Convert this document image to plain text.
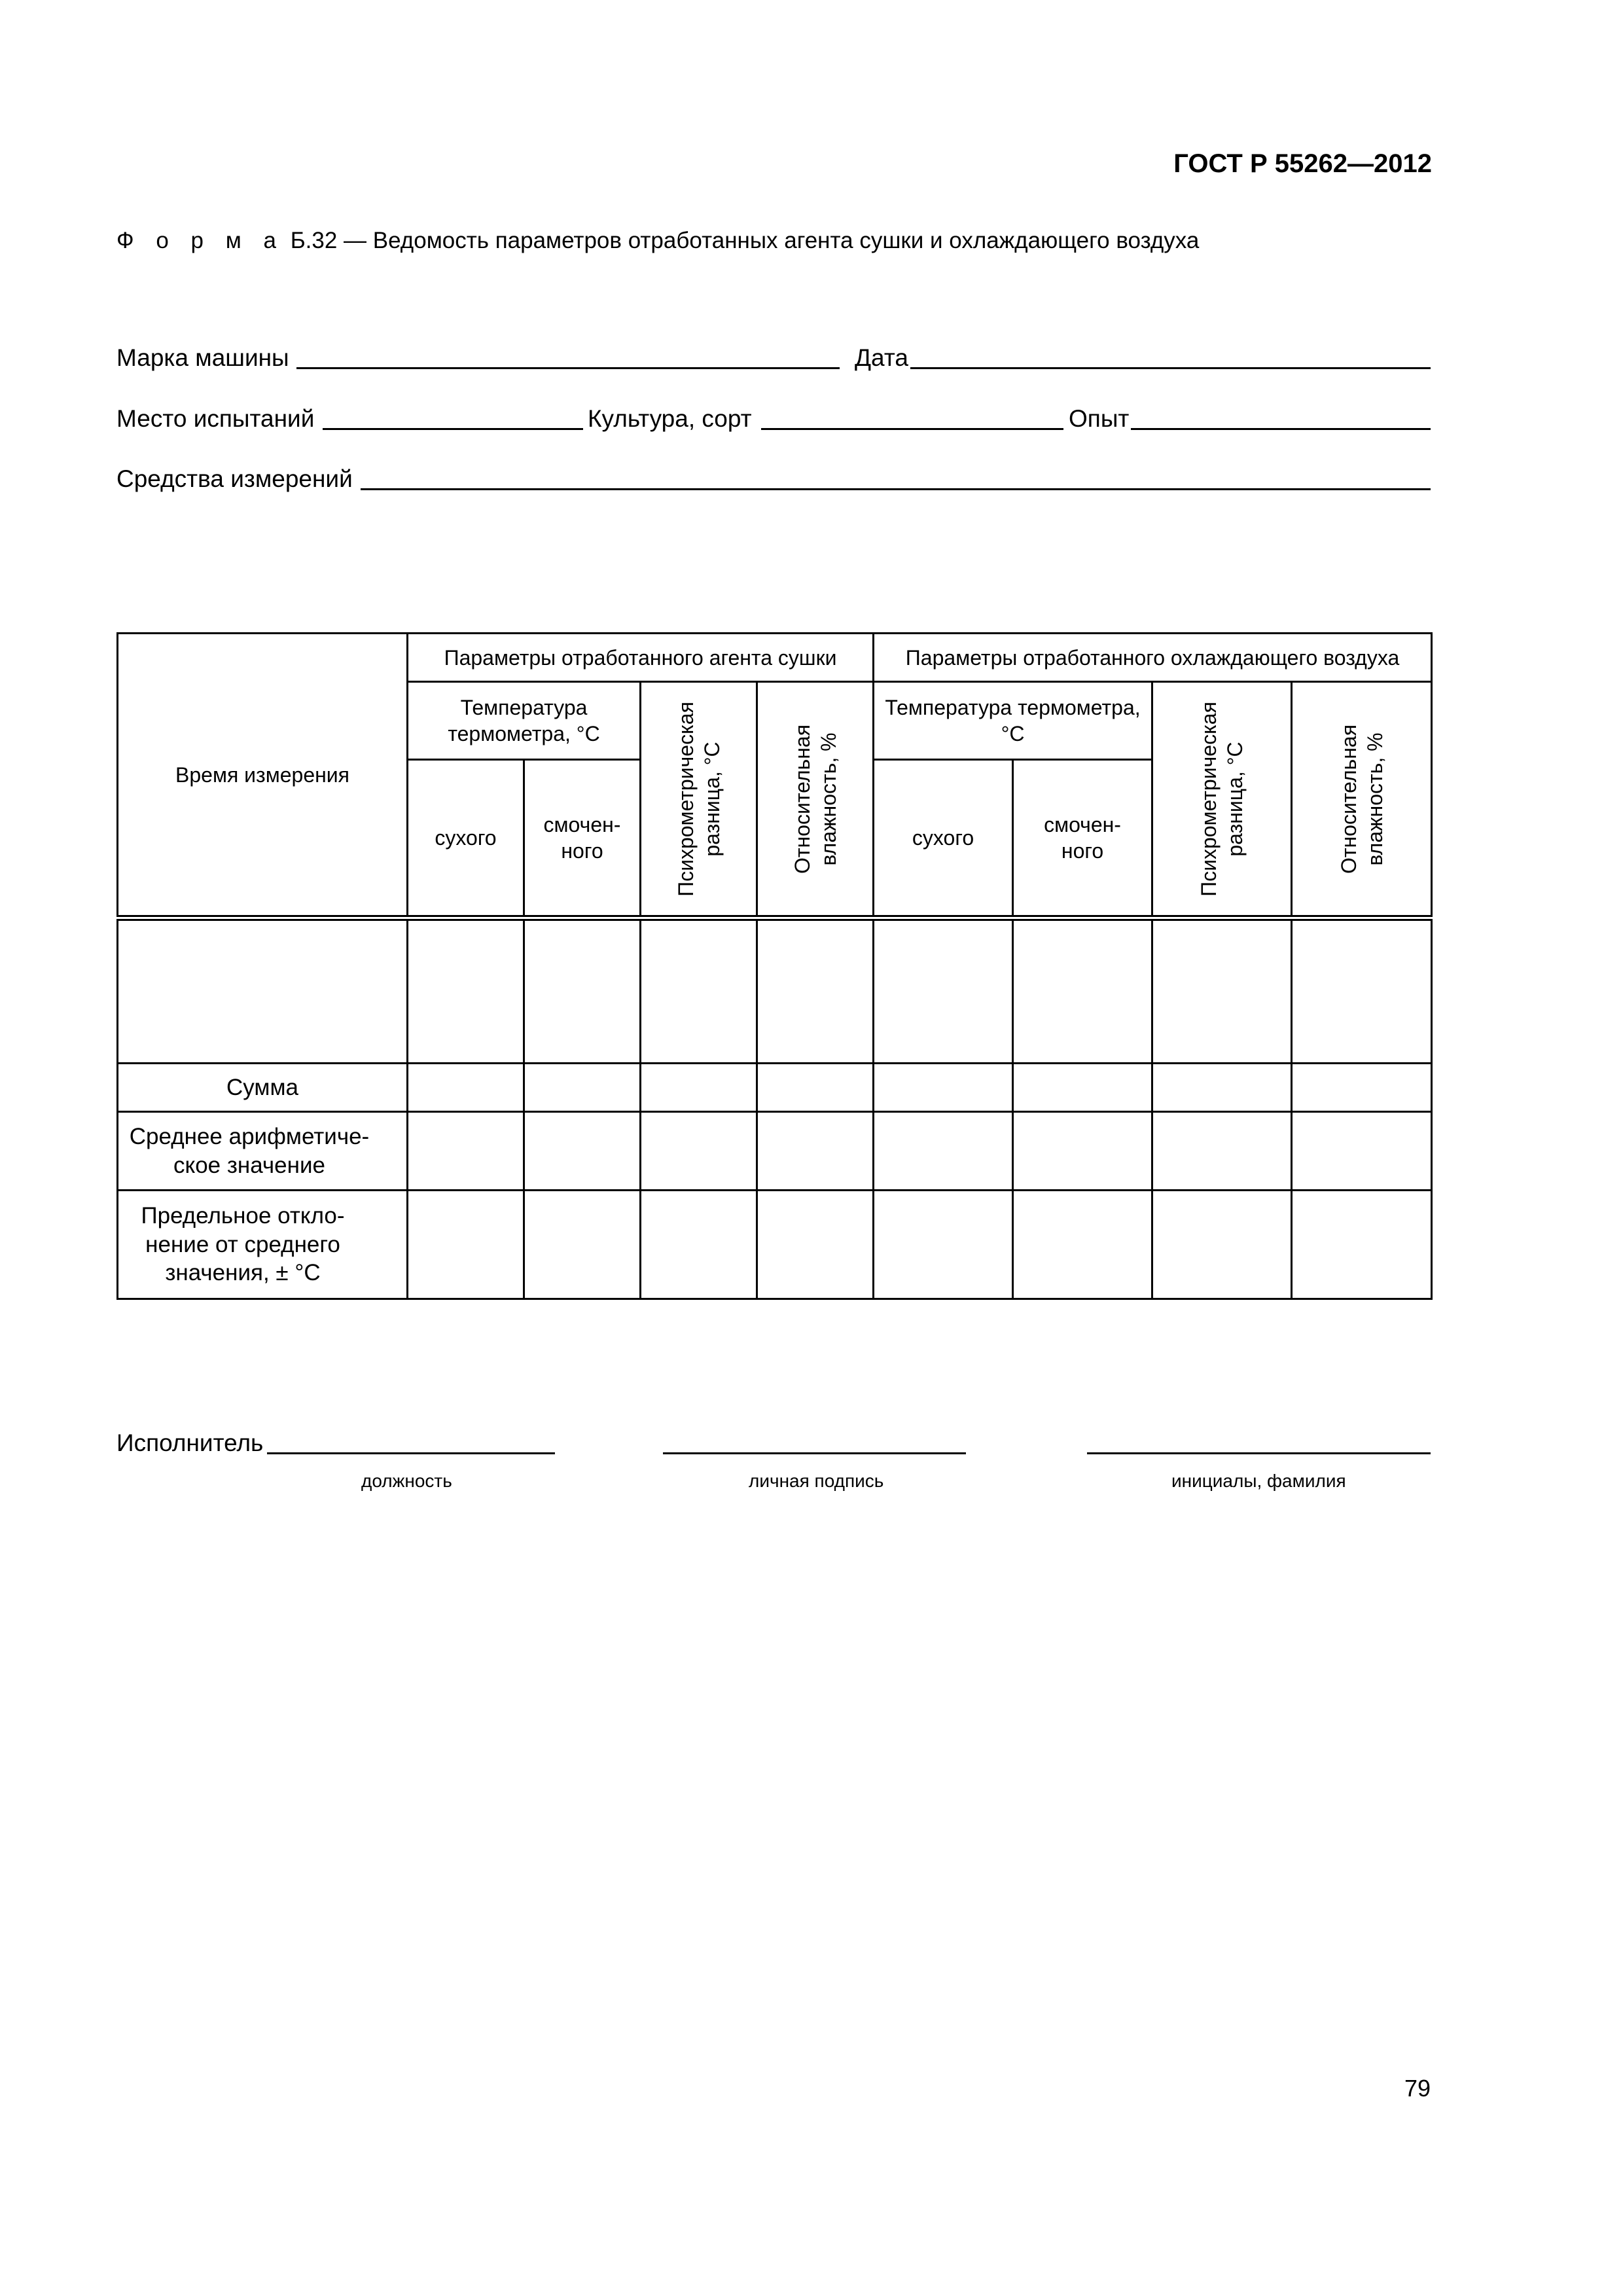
ГОСТ Р 55262—2012
Ф о р м а Б.32 — Ведомость параметров отработанных агента сушки и охлаждающего воздуха
Марка машины	Дата
Место испытаний	Культура, сорт	Опыт
Средства измерений
Время измерения	Параметры отработанного агента сушки				Параметры отработанного охлаждающего воздуха			
	Температура термометра, °С		Психрометрическая разница, °С	Относительная влажность, %	Температура термометра, °С		Психрометрическая разница, °С	Относительная влажность, %

	сухого	смочен-ного			сухого	смочен-ного		

Сумма								
Среднее арифметиче-ское значение								
Предельное откло-нение от среднего значения, ± °С								
Исполнитель
должность	личная подпись	инициалы, фамилия
79
